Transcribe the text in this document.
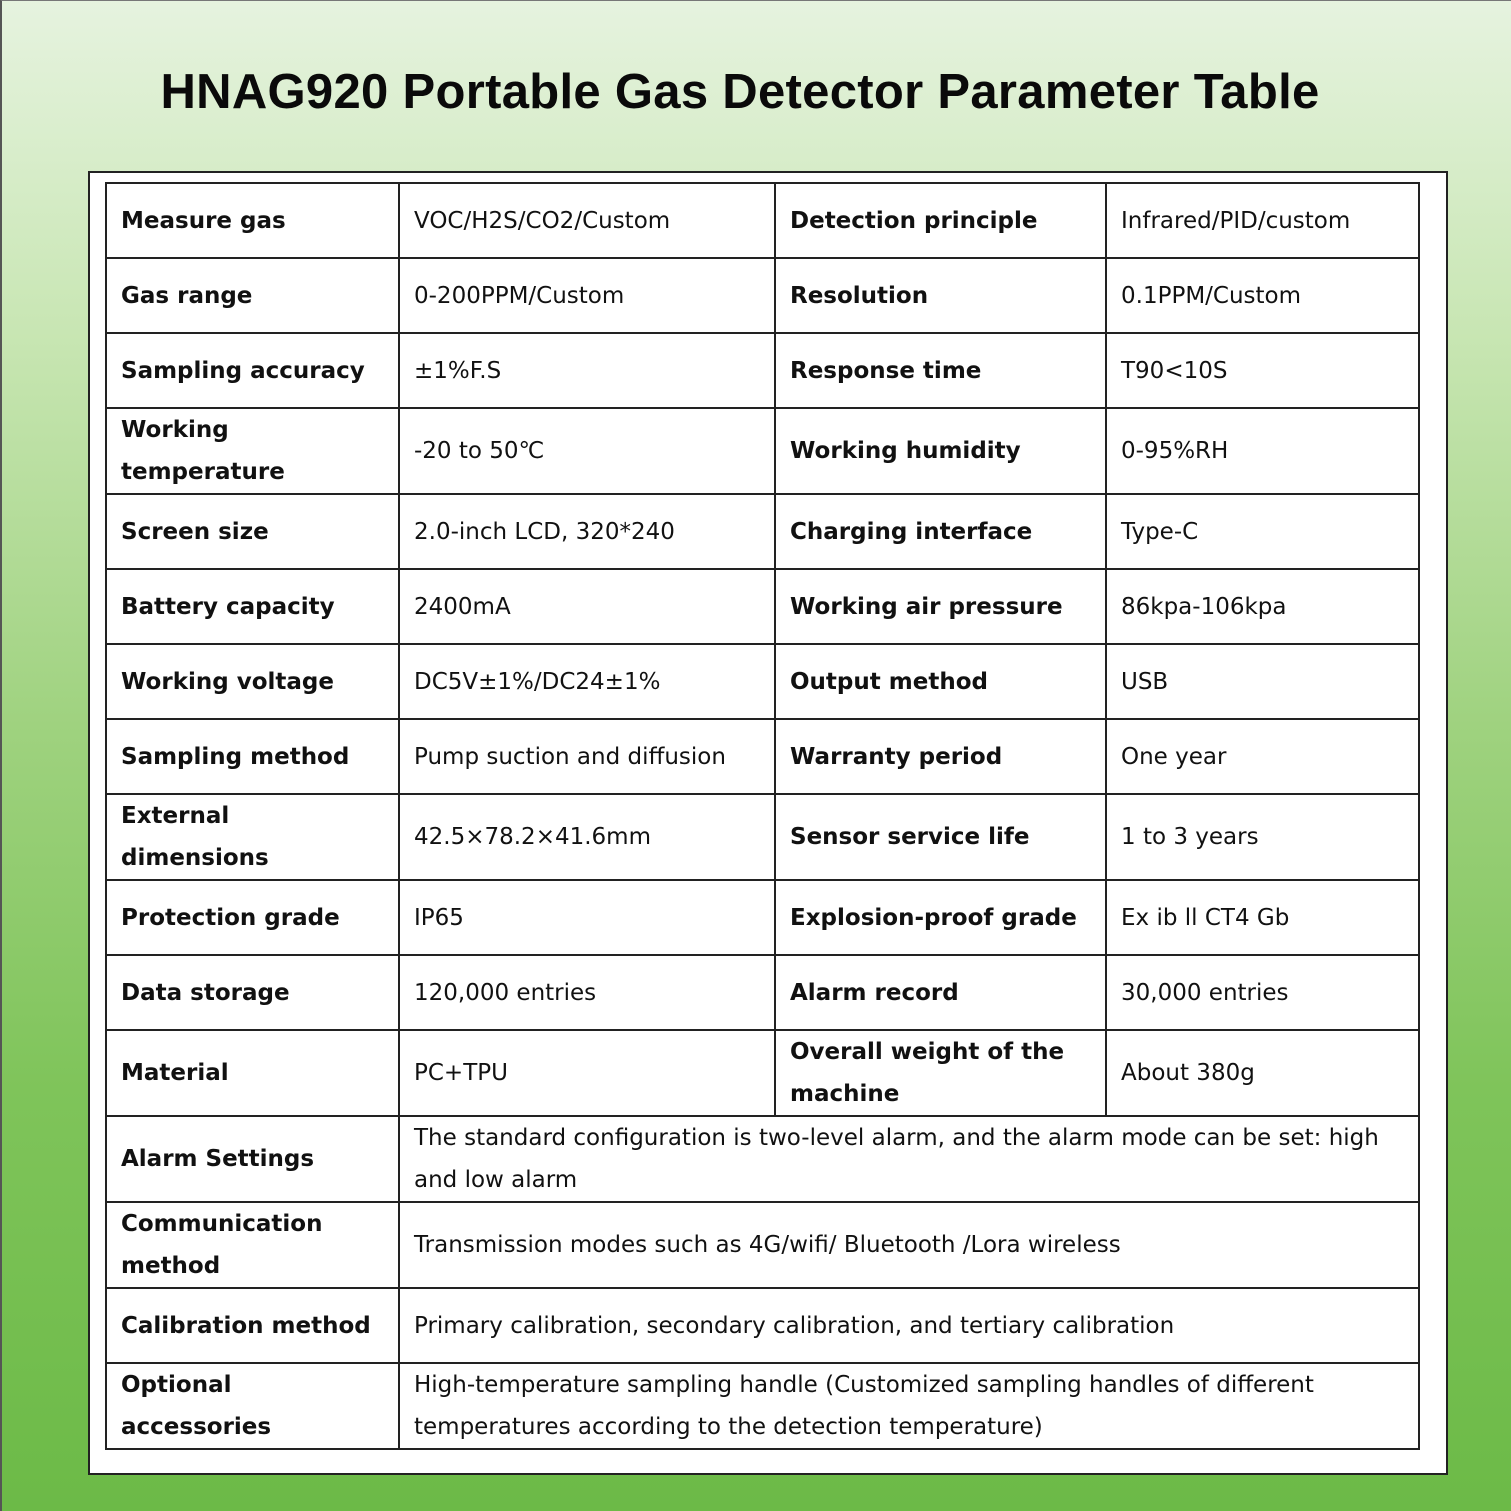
HNAG920 Portable Gas Detector Parameter Table
Measure gas	VOC/H2S/CO2/Custom	Detection principle	Infrared/PID/custom
Gas range	0-200PPM/Custom	Resolution	0.1PPM/Custom
Sampling accuracy	±1%F.S	Response time	T90<10S
Working temperature	-20 to 50℃	Working humidity	0-95%RH
Screen size	2.0-inch LCD, 320*240	Charging interface	Type-C
Battery capacity	2400mA	Working air pressure	86kpa-106kpa
Working voltage	DC5V±1%/DC24±1%	Output method	USB
Sampling method	Pump suction and diffusion	Warranty period	One year
External dimensions	42.5×78.2×41.6mm	Sensor service life	1 to 3 years
Protection grade	IP65	Explosion-proof grade	Ex ib ll CT4 Gb
Data storage	120,000 entries	Alarm record	30,000 entries
Material	PC+TPU	Overall weight of the machine	About 380g
Alarm Settings	The standard configuration is two-level alarm, and the alarm mode can be set: high and low alarm		
Communication method	Transmission modes such as 4G/wifi/ Bluetooth /Lora wireless		
Calibration method	Primary calibration, secondary calibration, and tertiary calibration		
Optional accessories	High-temperature sampling handle (Customized sampling handles of different temperatures according to the detection temperature)		
